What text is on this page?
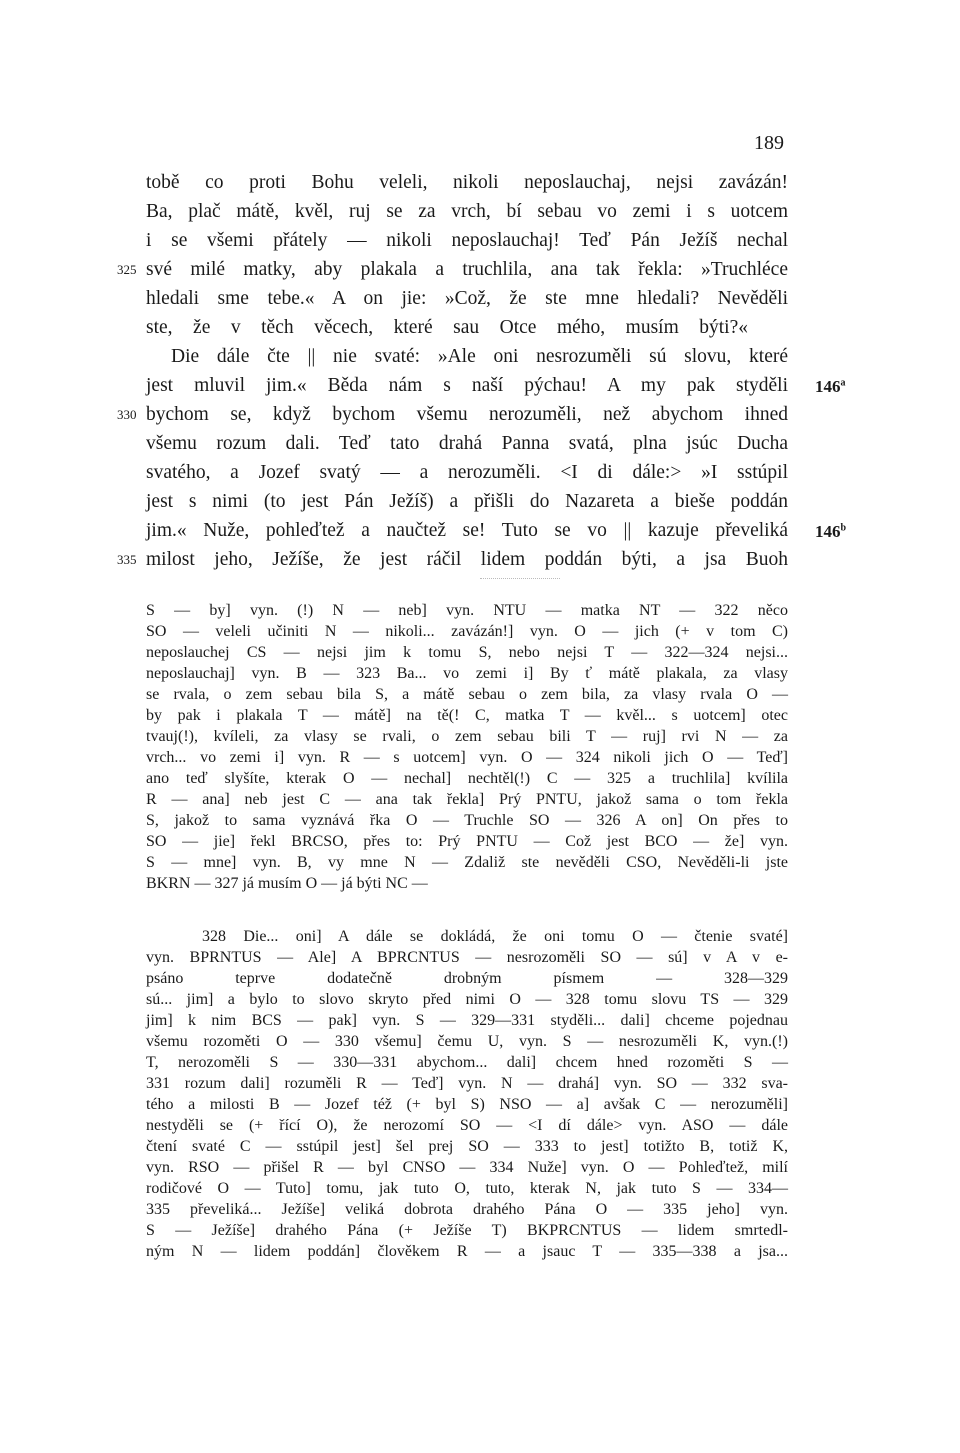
189
tobě co proti Bohu veleli, nikoli neposlauchaj, nejsi zavázán!
Ba, plač mátě, kvěl, ruj se za vrch, bí sebau vo zemi i s uotcem
i se všemi přátely — nikoli neposlauchaj! Teď Pán Ježíš nechal
své milé matky, aby plakala a truchlila, ana tak řekla: »Truchléce
hledali sme tebe.« A on jie: »Což, že ste mne hledali? Nevěděli
ste, že v těch věcech, které sau Otce mého, musím býti?«
Die dále čte || nie svaté: »Ale oni nesrozuměli sú slovu, které
jest mluvil jim.« Běda nám s naší pýchau! A my pak styděli
bychom se, když bychom všemu nerozuměli, než abychom ihned
všemu rozum dali. Teď tato drahá Panna svatá, plna jsúc Ducha
svatého, a Jozef svatý — a nerozuměli. <I di dále:> »I sstúpil
jest s nimi (to jest Pán Ježíš) a přišli do Nazareta a bieše poddán
jim.« Nuže, pohleďtež a naučtež se! Tuto se vo || kazuje převeliká
milost jeho, Ježíše, že jest ráčil lidem poddán býti, a jsa Buoh
325
330
335
146$^a$
146$^b$
S — by] vyn. (!) N — neb] vyn. NTU — matka NT — 322 něco
SO — veleli učiniti N — nikoli... zavázán!] vyn. O — jich (+ v tom C)
neposlauchej CS — nejsi jim k tomu S, nebo nejsi T — 322—324 nejsi...
neposlauchaj] vyn. B — 323 Ba... vo zemi i] By ť mátě plakala, za vlasy
se rvala, o zem sebau bila S, a mátě sebau o zem bila, za vlasy rvala O —
by pak i plakala T — mátě] na tě(! C, matka T — kvěl... s uotcem] otec
tvauj(!), kvíleli, za vlasy se rvali, o zem sebau bili T — ruj] rvi N — za
vrch... vo zemi i] vyn. R — s uotcem] vyn. O — 324 nikoli jich O — Teď]
ano teď slyšíte, kterak O — nechal] nechtěl(!) C — 325 a truchlila] kvílila
R — ana] neb jest C — ana tak řekla] Prý PNTU, jakož sama o tom řekla
S, jakož to sama vyznává řka O — Truchle SO — 326 A on] On přes to
SO — jie] řekl BRCSO, přes to: Prý PNTU — Což jest BCO — že] vyn.
S — mne] vyn. B, vy mne N — Zdaliž ste nevěděli CSO, Nevěděli-li jste
BKRN — 327 já musím O — já býti NC —
328 Die... oni] A dále se dokládá, že oni tomu O — čtenie svaté]
vyn. BPRNTUS — Ale] A BPRCNTUS — nesrozoměli SO — sú] v A v e-
psáno teprve dodatečně drobným písmem — 328—329
sú... jim] a bylo to slovo skryto před nimi O — 328 tomu slovu TS — 329
jim] k nim BCS — pak] vyn. S — 329—331 styděli... dali] chceme pojednau
všemu rozoměti O — 330 všemu] čemu U, vyn. S — nesrozuměli K, vyn.(!)
T, nerozoměli S — 330—331 abychom... dali] chcem hned rozoměti S —
331 rozum dali] rozuměli R — Teď] vyn. N — drahá] vyn. SO — 332 sva-
tého a milosti B — Jozef též (+ byl S) NSO — a] avšak C — nerozuměli]
nestyděli se (+ řící O), že nerozomí SO — <I dí dále> vyn. ASO — dále
čtení svaté C — sstúpil jest] šel prej SO — 333 to jest] totižto B, totiž K,
vyn. RSO — přišel R — byl CNSO — 334 Nuže] vyn. O — Pohleďtež, milí
rodičové O — Tuto] tomu, jak tuto O, tuto, kterak N, jak tuto S — 334—
335 převeliká... Ježíše] veliká dobrota drahého Pána O — 335 jeho] vyn.
S — Ježíše] drahého Pána (+ Ježíše T) BKPRCNTUS — lidem smrtedl-
ným N — lidem poddán] člověkem R — a jsauc T — 335—338 a jsa...
